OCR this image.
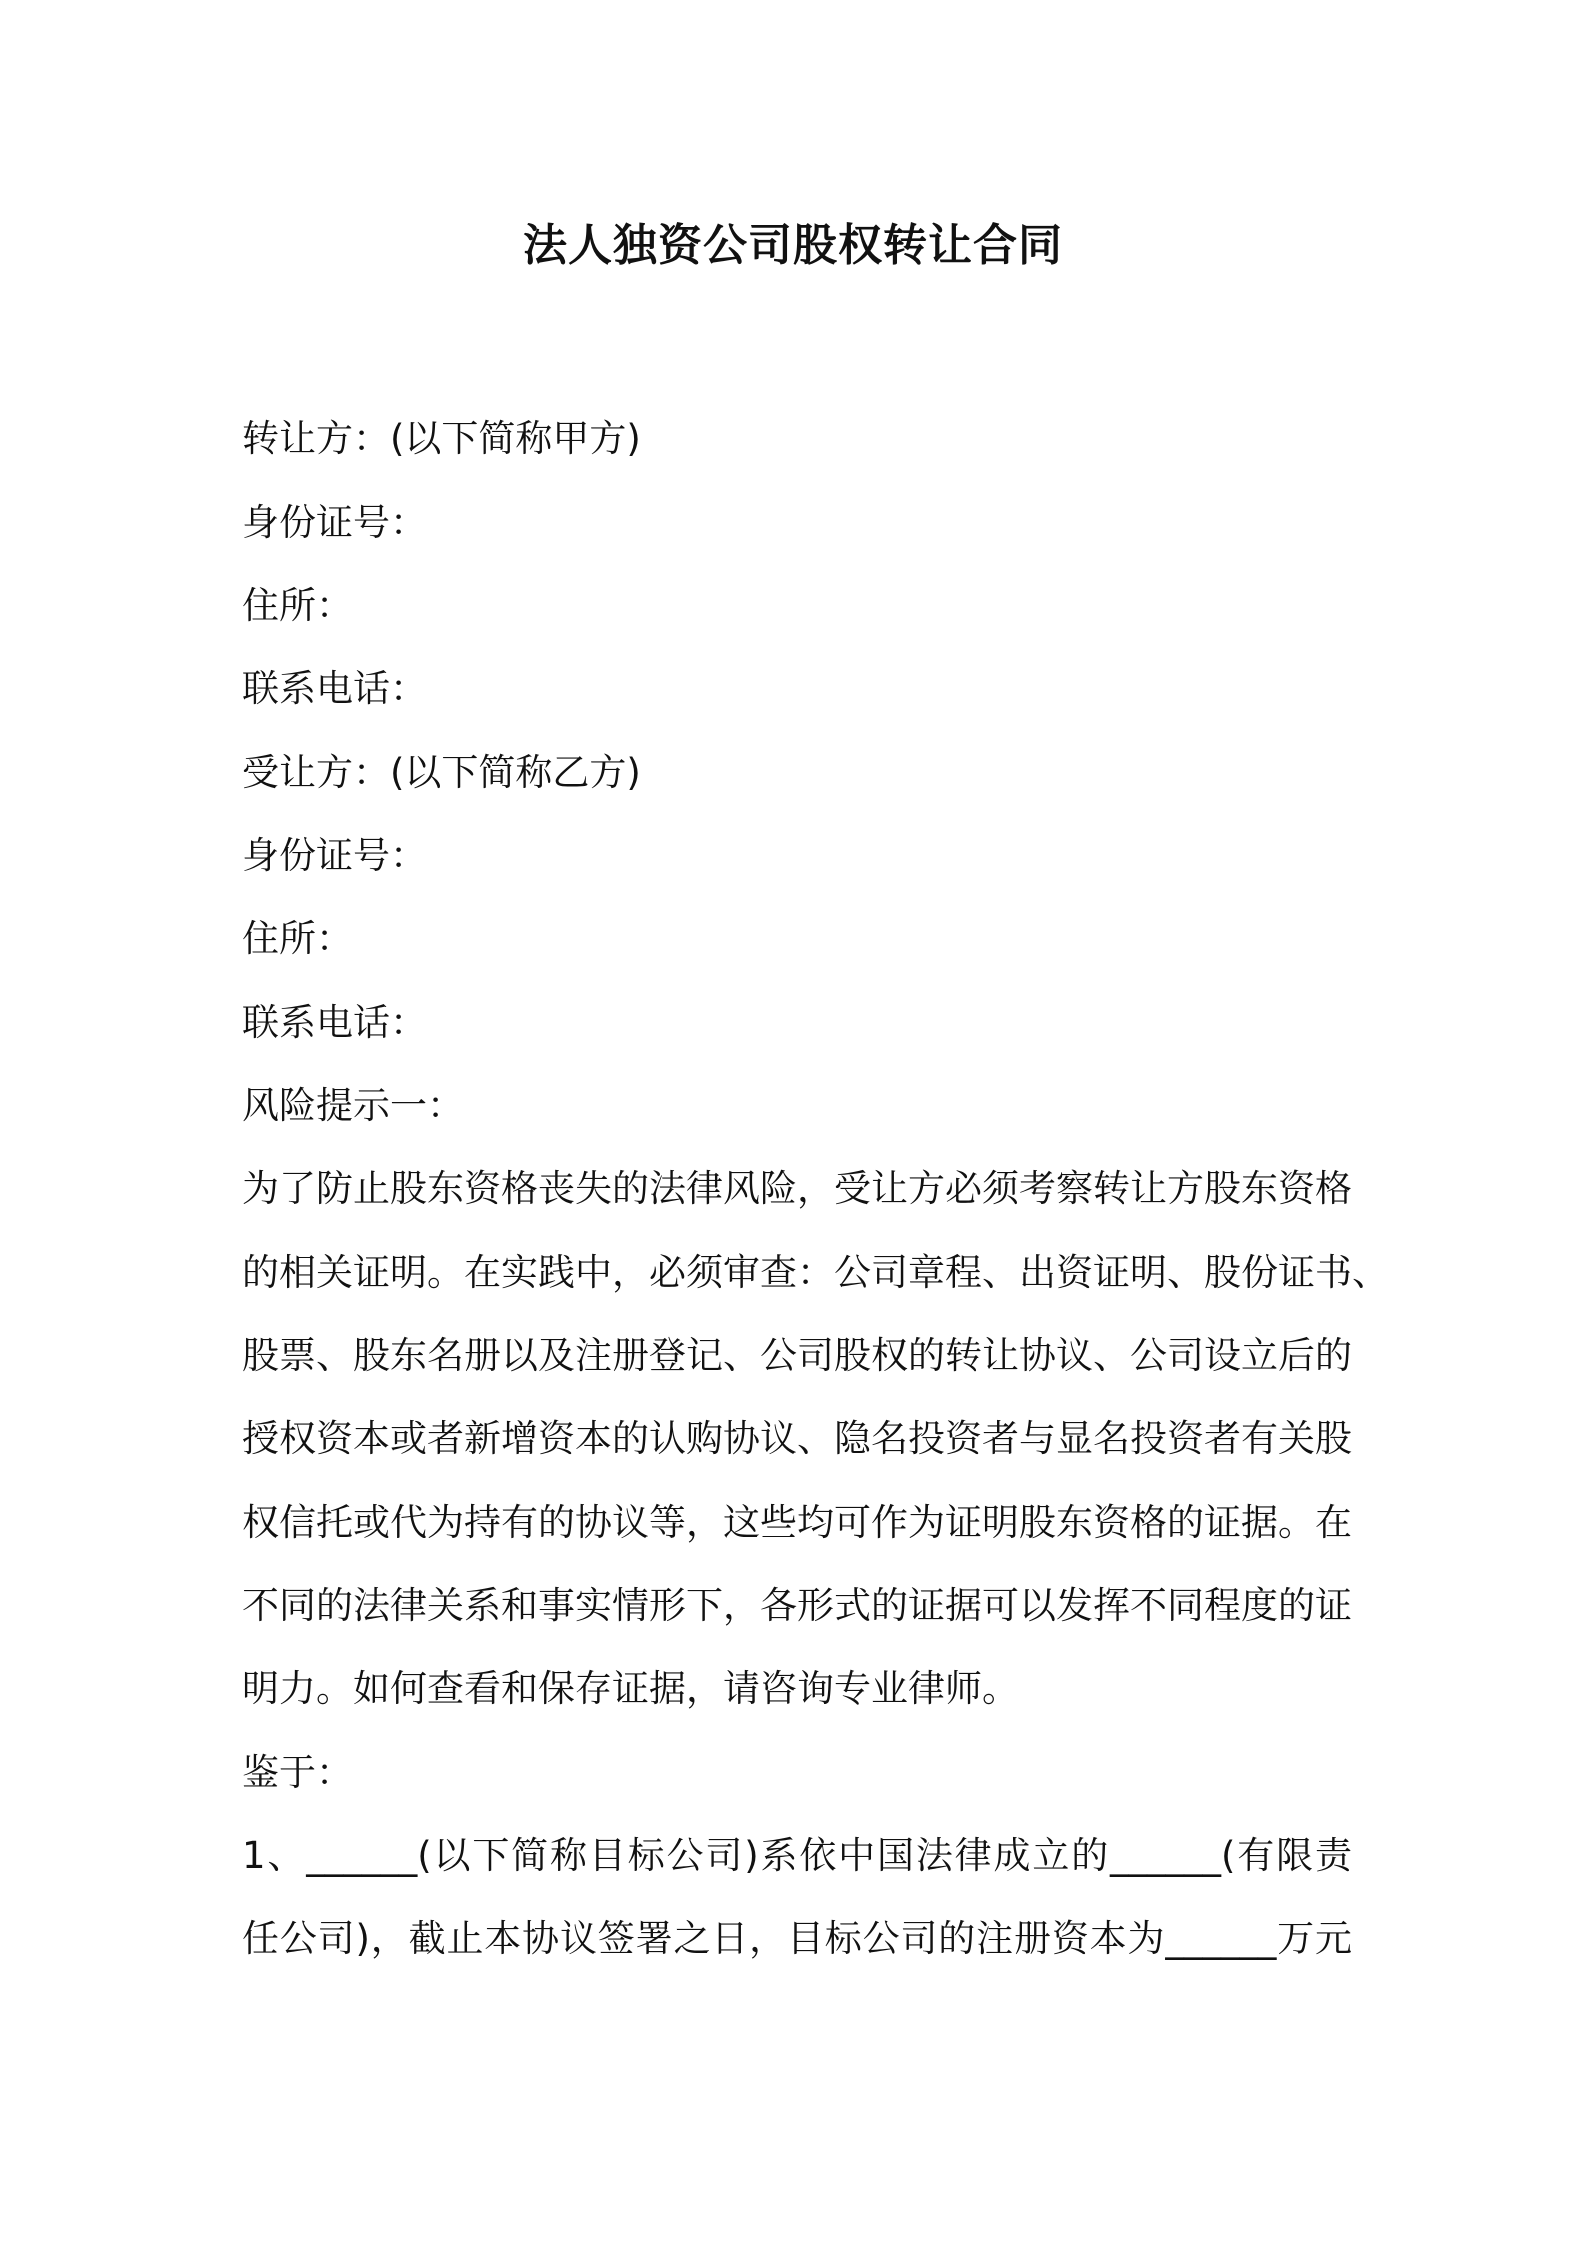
法人独资公司股权转让合同
转让方：(以下简称甲方)
身份证号：
住所：
联系电话：
受让方：(以下简称乙方)
身份证号：
住所：
联系电话：
风险提示一：
为了防止股东资格丧失的法律风险，受让方必须考察转让方股东资格
的相关证明。在实践中，必须审查：公司章程、出资证明、股份证书、
股票、股东名册以及注册登记、公司股权的转让协议、公司设立后的
授权资本或者新增资本的认购协议、隐名投资者与显名投资者有关股
权信托或代为持有的协议等，这些均可作为证明股东资格的证据。在
不同的法律关系和事实情形下，各形式的证据可以发挥不同程度的证
明力。如何查看和保存证据，请咨询专业律师。
鉴于：
1、______(以下简称目标公司)系依中国法律成立的______(有限责
任公司)，截止本协议签署之日，目标公司的注册资本为______万元
